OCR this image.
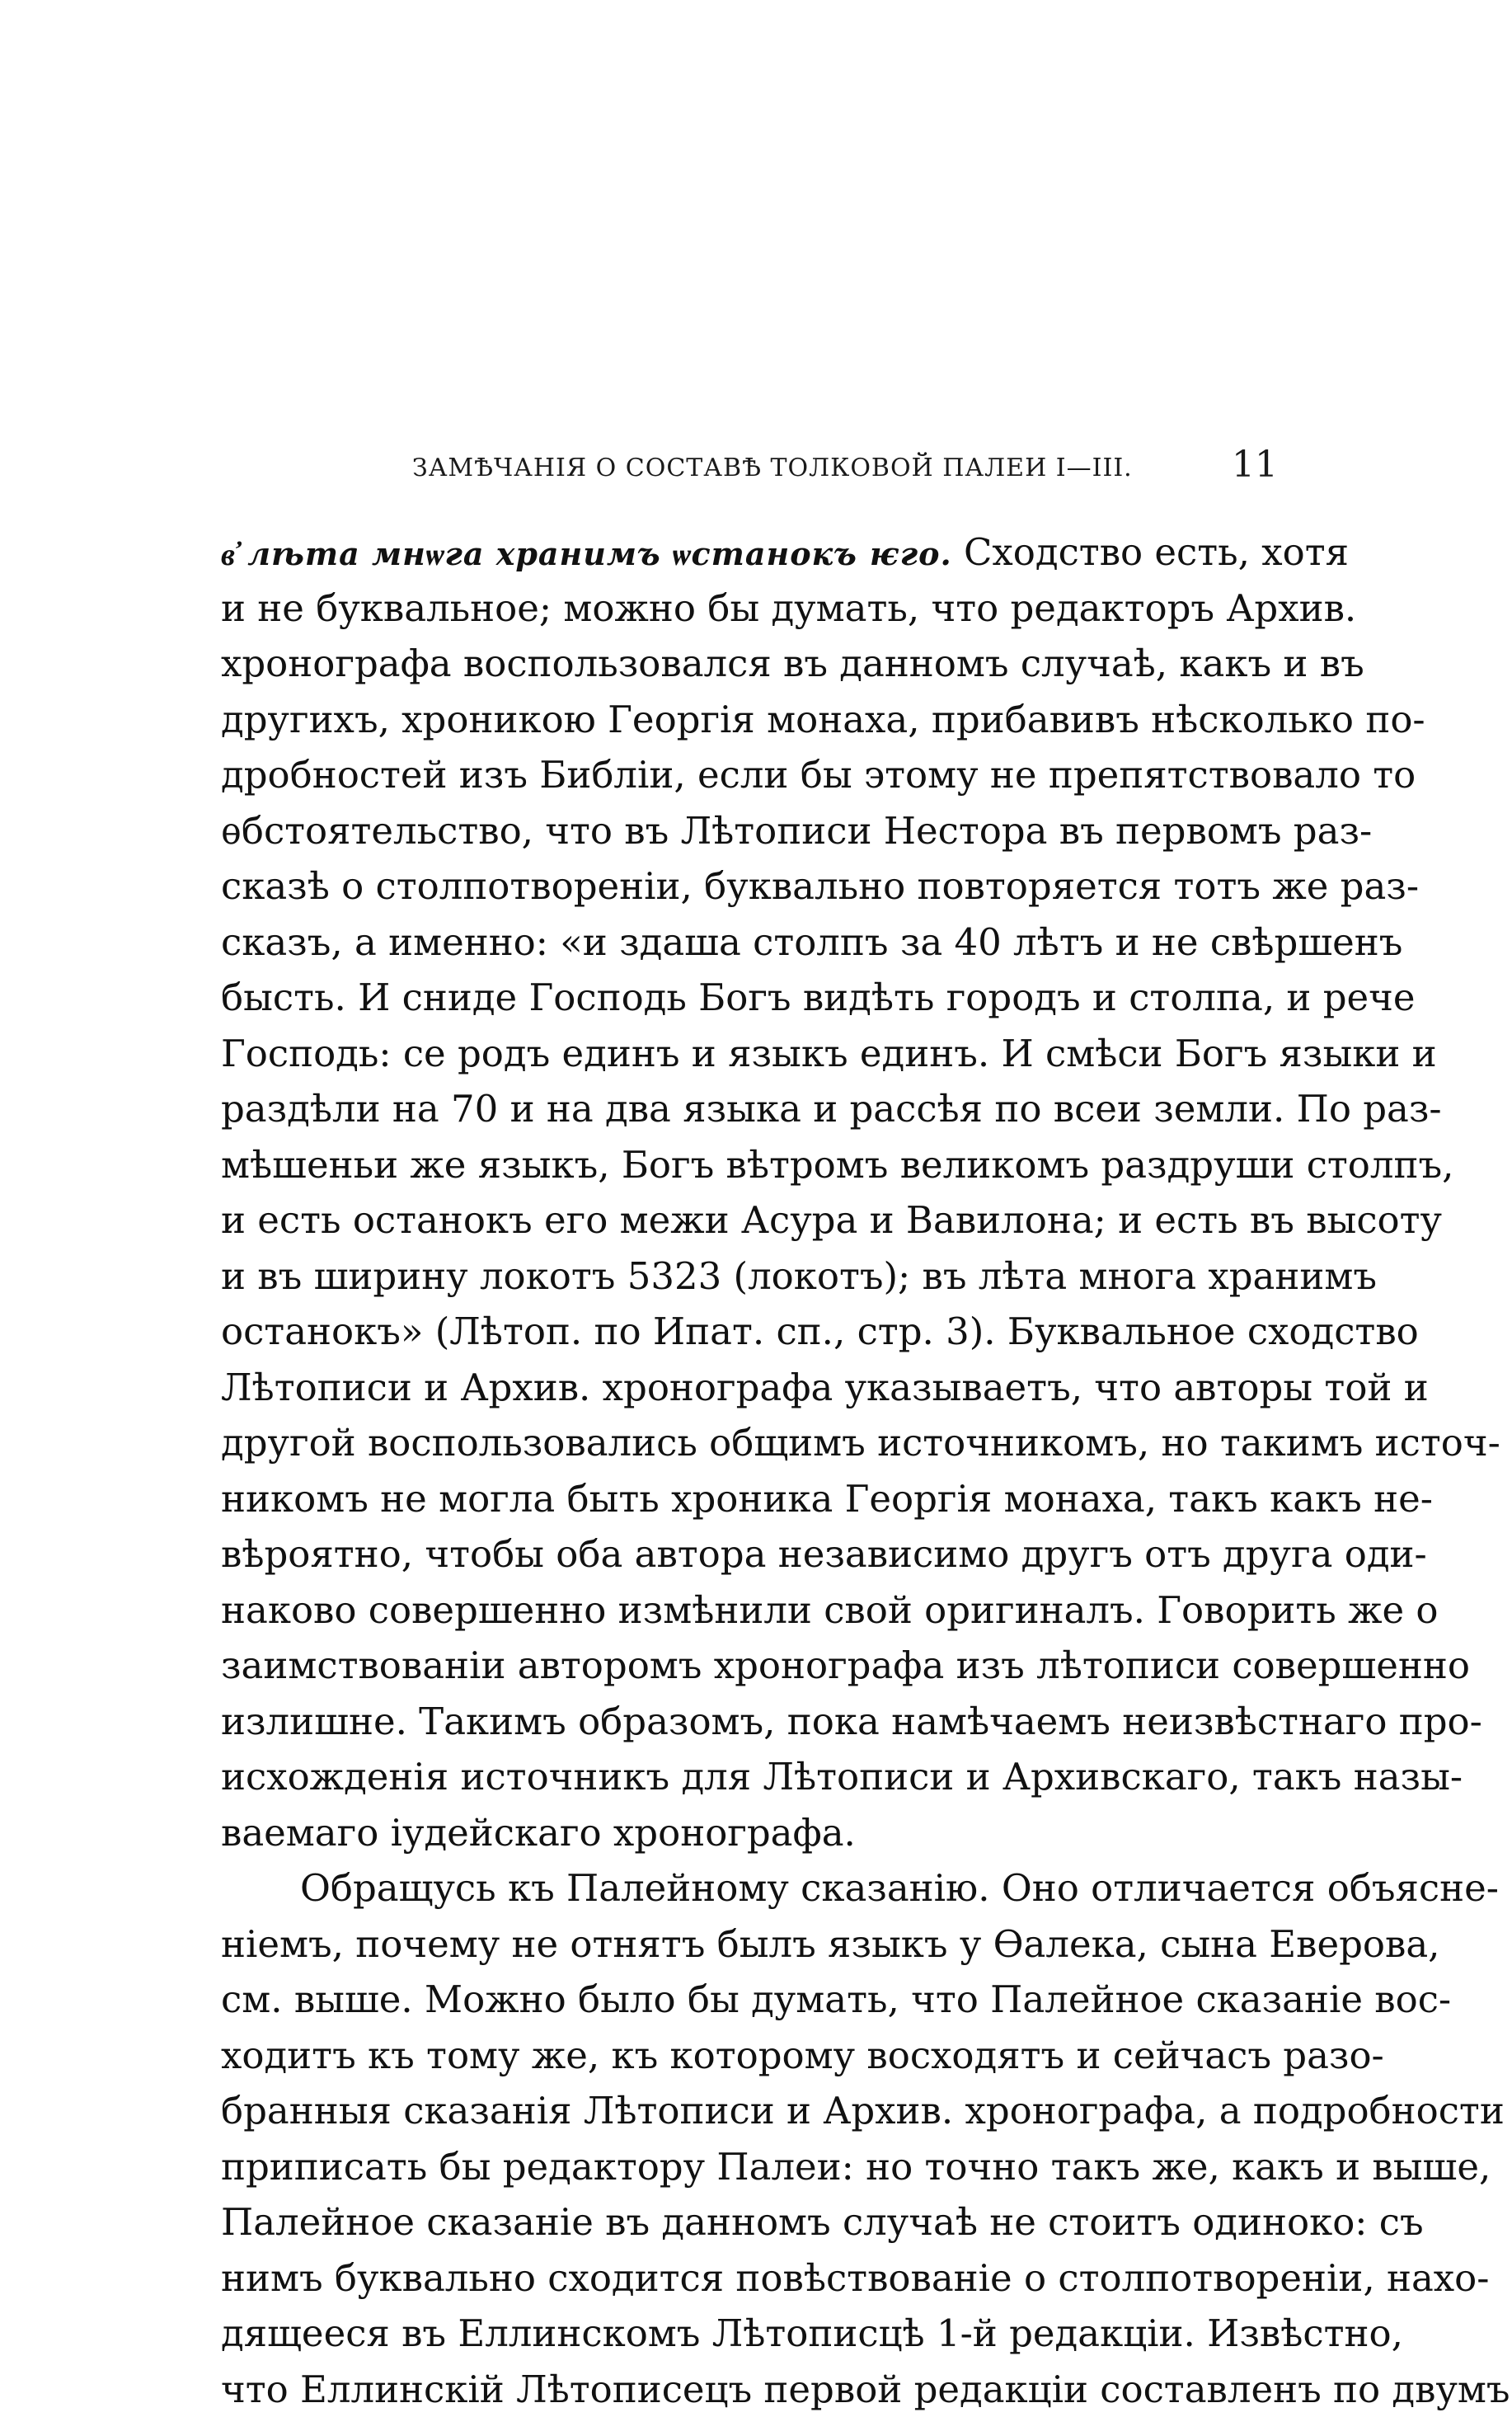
ЗАМѢЧАНІЯ О СОСТАВѢ ТОЛКОВОЙ ПАЛЕИ I—III.	11
в҆ лѣта мнѡга хранимъ ѡстанокъ ѥго. Сходство есть, хотя
и не буквальное; можно бы думать, что редакторъ Архив.
хронографа воспользовался въ данномъ случаѣ, какъ и въ
другихъ, хроникою Георгія монаха, прибавивъ нѣсколько по-
дробностей изъ Библіи, если бы этому не препятствовало то
ѳбстоятельство, что въ Лѣтописи Нестора въ первомъ раз-
сказѣ о столпотвореніи, буквально повторяется тотъ же раз-
сказъ, а именно: «и здаша столпъ за 40 лѣтъ и не свѣршенъ
бысть. И сниде Господь Богъ видѣть городъ и столпа, и рече
Господь: се родъ единъ и языкъ единъ. И смѣси Богъ языки и
раздѣли на 70 и на два языка и рассѣя по всеи земли. По раз-
мѣшеньи же языкъ, Богъ вѣтромъ великомъ раздруши столпъ,
и есть останокъ его межи Асура и Вавилона; и есть въ высоту
и въ ширину локотъ 5323 (локотъ); въ лѣта многа хранимъ
останокъ» (Лѣтоп. по Ипат. сп., стр. 3). Буквальное сходство
Лѣтописи и Архив. хронографа указываетъ, что авторы той и
другой воспользовались общимъ источникомъ, но такимъ источ-
никомъ не могла быть хроника Георгія монаха, такъ какъ не-
вѣроятно, чтобы оба автора независимо другъ отъ друга оди-
наково совершенно измѣнили свой оригиналъ. Говорить же о
заимствованіи авторомъ хронографа изъ лѣтописи совершенно
излишне. Такимъ образомъ, пока намѣчаемъ неизвѣстнаго про-
исхожденія источникъ для Лѣтописи и Архивскаго, такъ назы-
ваемаго іудейскаго хронографа.
Обращусь къ Палейному сказанію. Оно отличается объясне-
ніемъ, почему не отнятъ былъ языкъ у Ѳалека, сына Еверова,
см. выше. Можно было бы думать, что Палейное сказаніе вос-
ходитъ къ тому же, къ которому восходятъ и сейчасъ разо-
бранныя сказанія Лѣтописи и Архив. хронографа, а подробности
приписать бы редактору Палеи: но точно такъ же, какъ и выше,
Палейное сказаніе въ данномъ случаѣ не стоитъ одиноко: съ
нимъ буквально сходится повѣствованіе о столпотвореніи, нахо-
дящееся въ Еллинскомъ Лѣтописцѣ 1-й редакціи. Извѣстно,
что Еллинскій Лѣтописецъ первой редакціи составленъ по двумъ
